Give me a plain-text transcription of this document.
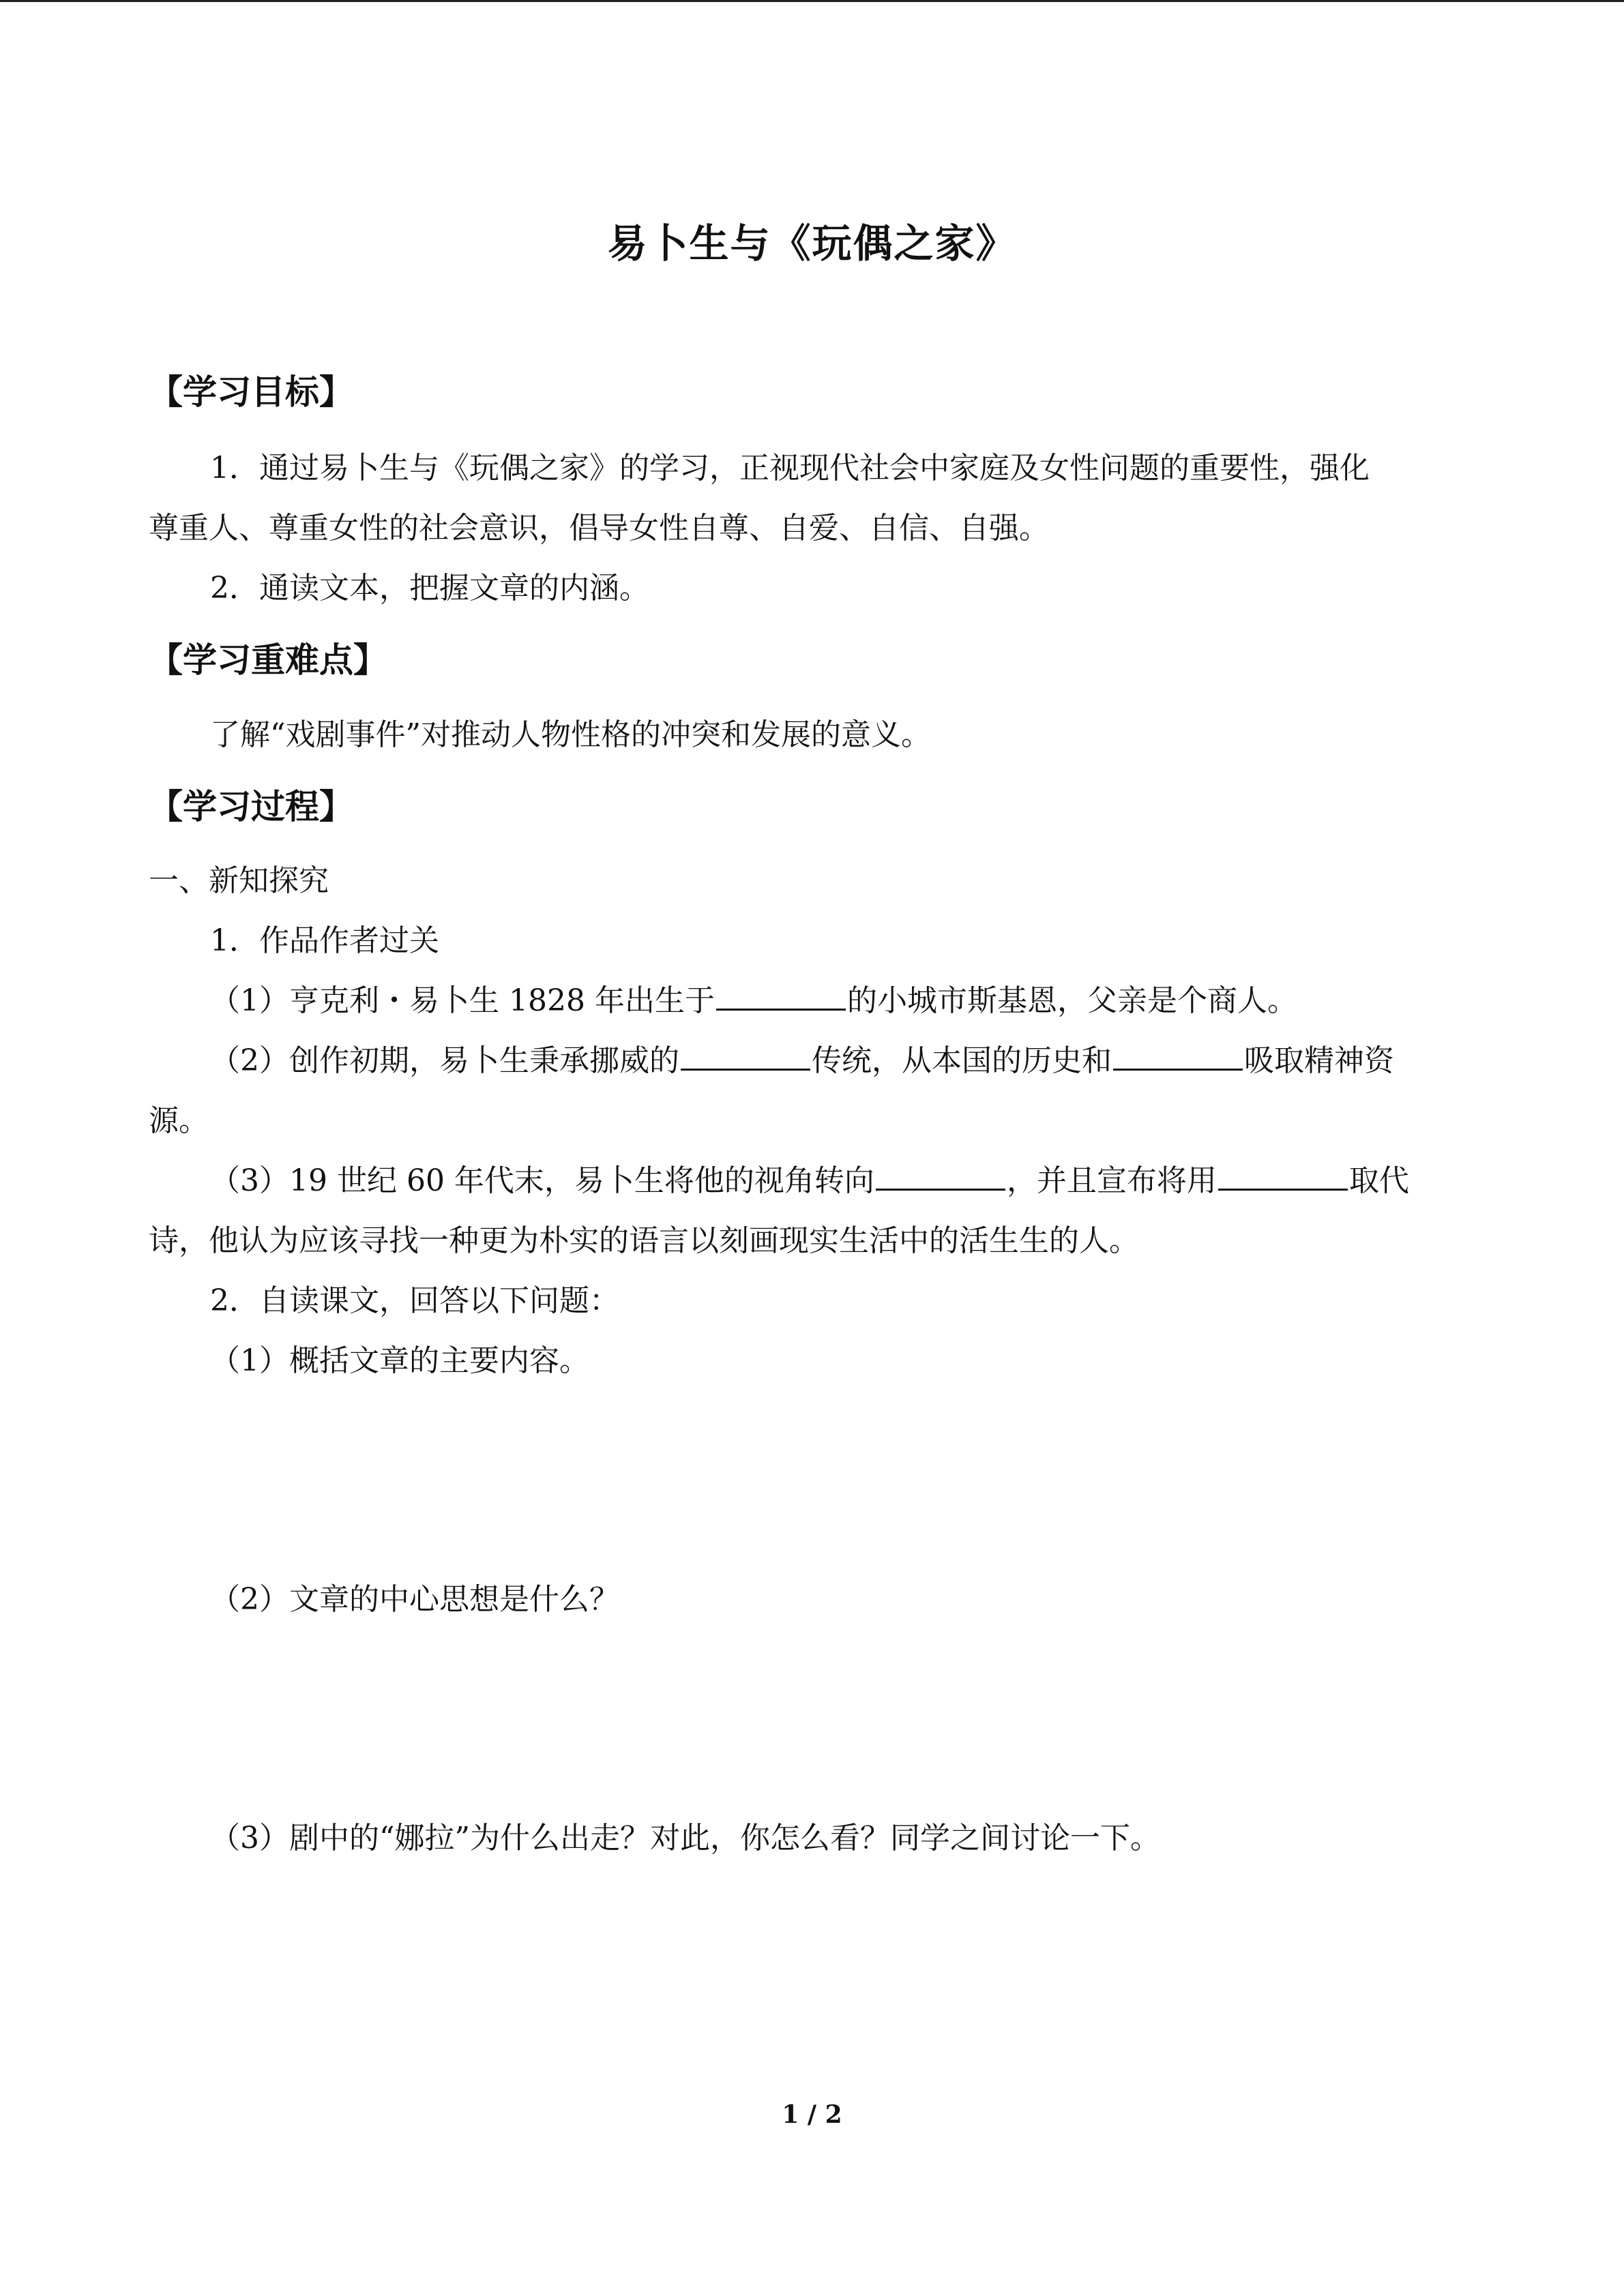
易卜生与《玩偶之家》
【学习目标】
1．通过易卜生与《玩偶之家》的学习，正视现代社会中家庭及女性问题的重要性，强化
尊重人、尊重女性的社会意识，倡导女性自尊、自爱、自信、自强。
2．通读文本，把握文章的内涵。
【学习重难点】
了解“戏剧事件”对推动人物性格的冲突和发展的意义。
【学习过程】
一、新知探究
1．作品作者过关
（1）亨克利・易卜生 1828 年出生于	的小城市斯基恩，父亲是个商人。
（2）创作初期，易卜生秉承挪威的	传统，从本国的历史和	吸取精神资
源。
（3）19 世纪 60 年代末，易卜生将他的视角转向	，并且宣布将用	取代
诗，他认为应该寻找一种更为朴实的语言以刻画现实生活中的活生生的人。
2．自读课文，回答以下问题：
（1）概括文章的主要内容。
（2）文章的中心思想是什么？
（3）剧中的“娜拉”为什么出走？对此，你怎么看？同学之间讨论一下。
1 / 2
